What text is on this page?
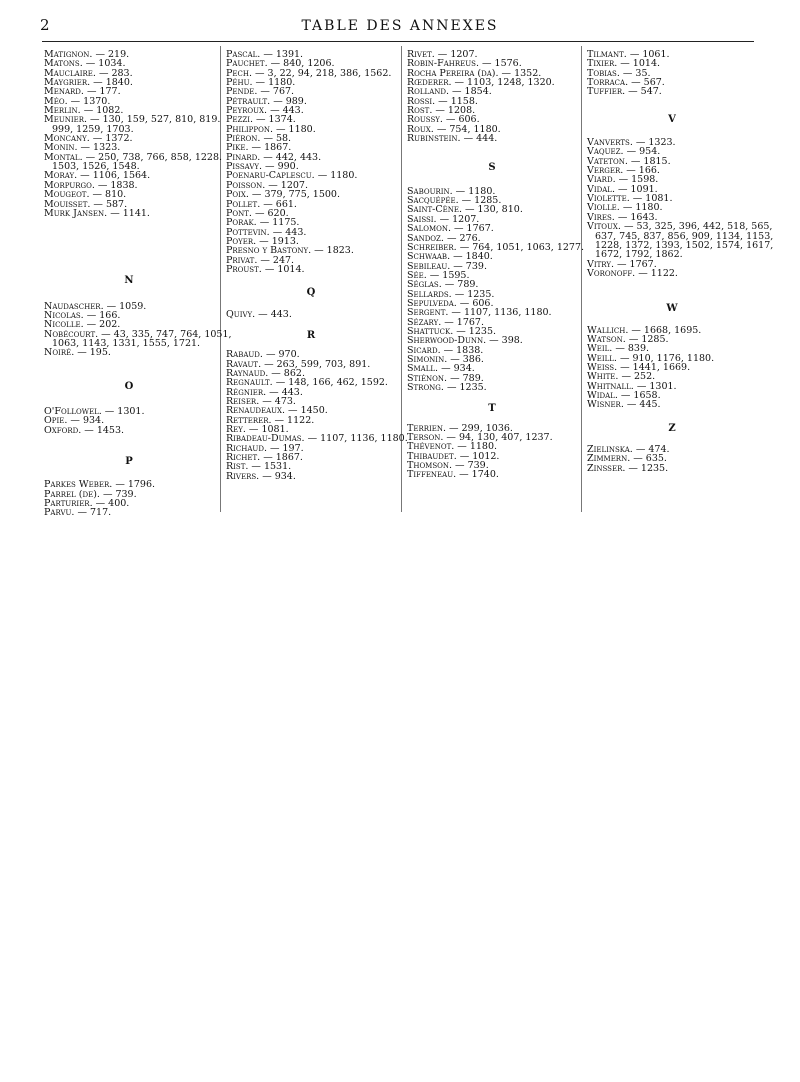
2	TABLE DES ANNEXES
Matignon. — 219.
Matons. — 1034.
Mauclaire. — 283.
Maygrier. — 1840.
Menard. — 177.
Méo. — 1370.
Merlin. — 1082.
Meunier. — 130, 159, 527, 810, 819.
999, 1259, 1703.
Moncany. — 1372.
Monin. — 1323.
Montal. — 250, 738, 766, 858, 1228.
1503, 1526, 1548.
Moray. — 1106, 1564.
Morpurgo. — 1838.
Mougeot. — 810.
Mouisset. — 587.
Murk Jansen. — 1141.
N
Naudascher. — 1059.
Nicolas. — 166.
Nicolle. — 202.
Nobécourt. — 43, 335, 747, 764, 1051,
1063, 1143, 1331, 1555, 1721.
Noiré. — 195.
O
O'Followel. — 1301.
Opie. — 934.
Oxford. — 1453.
P
Parkes Weber. — 1796.
Parrel (de). — 739.
Parturier. — 400.
Parvu. — 717.
Pascal. — 1391.
Pauchet. — 840, 1206.
Pech. — 3, 22, 94, 218, 386, 1562.
Péhu. — 1180.
Pende. — 767.
Pétrault. — 989.
Peyroux. — 443.
Pezzi. — 1374.
Philippon. — 1180.
Piéron. — 58.
Pike. — 1867.
Pinard. — 442, 443.
Pissavy. — 990.
Poenaru-Caplescu. — 1180.
Poisson. — 1207.
Poix. — 379, 775, 1500.
Pollet. — 661.
Pont. — 620.
Porak. — 1175.
Pottevin. — 443.
Poyer. — 1913.
Presno y Bastony. — 1823.
Privat. — 247.
Proust. — 1014.
Q
Quivy. — 443.
R
Rabaud. — 970.
Ravaut. — 263, 599, 703, 891.
Raynaud. — 862.
Regnault. — 148, 166, 462, 1592.
Régnier. — 443.
Reiser. — 473.
Renaudeaux. — 1450.
Retterer. — 1122.
Rey. — 1081.
Ribadeau-Dumas. — 1107, 1136, 1180.
Richaud. — 197.
Richet. — 1867.
Rist. — 1531.
Rivers. — 934.
Rivet. — 1207.
Robin-Fahreus. — 1576.
Rocha Pereira (da). — 1352.
Rœderer. — 1103, 1248, 1320.
Rolland. — 1854.
Rossi. — 1158.
Rost. — 1208.
Roussy. — 606.
Roux. — 754, 1180.
Rubinstein. — 444.
S
Sabourin. — 1180.
Sacquépée. — 1285.
Saint-Cène. — 130, 810.
Saissi. — 1207.
Salomon. — 1767.
Sandoz. — 276.
Schreiber. — 764, 1051, 1063, 1277.
Schwaab. — 1840.
Sebileau. — 739.
Sée. — 1595.
Séglas. — 789.
Sellards. — 1235.
Sepulveda. — 606.
Sergent. — 1107, 1136, 1180.
Sézary. — 1767.
Shattuck. — 1235.
Sherwood-Dunn. — 398.
Sicard. — 1838.
Simonin. — 386.
Small. — 934.
Stiénon. — 789.
Strong. — 1235.
T
Terrien. — 299, 1036.
Terson. — 94, 130, 407, 1237.
Thévenot. — 1180.
Thibaudet. — 1012.
Thomson. — 739.
Tiffeneau. — 1740.
Tilmant. — 1061.
Tixier. — 1014.
Tobias. — 35.
Torraca. — 567.
Tuffier. — 547.
V
Vanverts. — 1323.
Vaquez. — 954.
Vateton. — 1815.
Verger. — 166.
Viard. — 1598.
Vidal. — 1091.
Violette. — 1081.
Violle. — 1180.
Vires. — 1643.
Vitoux. — 53, 325, 396, 442, 518, 565,
637, 745, 837, 856, 909, 1134, 1153,
1228, 1372, 1393, 1502, 1574, 1617,
1672, 1792, 1862.
Vitry. — 1767.
Voronoff. — 1122.
W
Wallich. — 1668, 1695.
Watson. — 1285.
Weil. — 839.
Weill. — 910, 1176, 1180.
Weiss. — 1441, 1669.
White. — 252.
Whitnall. — 1301.
Widal. — 1658.
Wisner. — 445.
Z
Zielinska. — 474.
Zimmern. — 635.
Zinsser. — 1235.
